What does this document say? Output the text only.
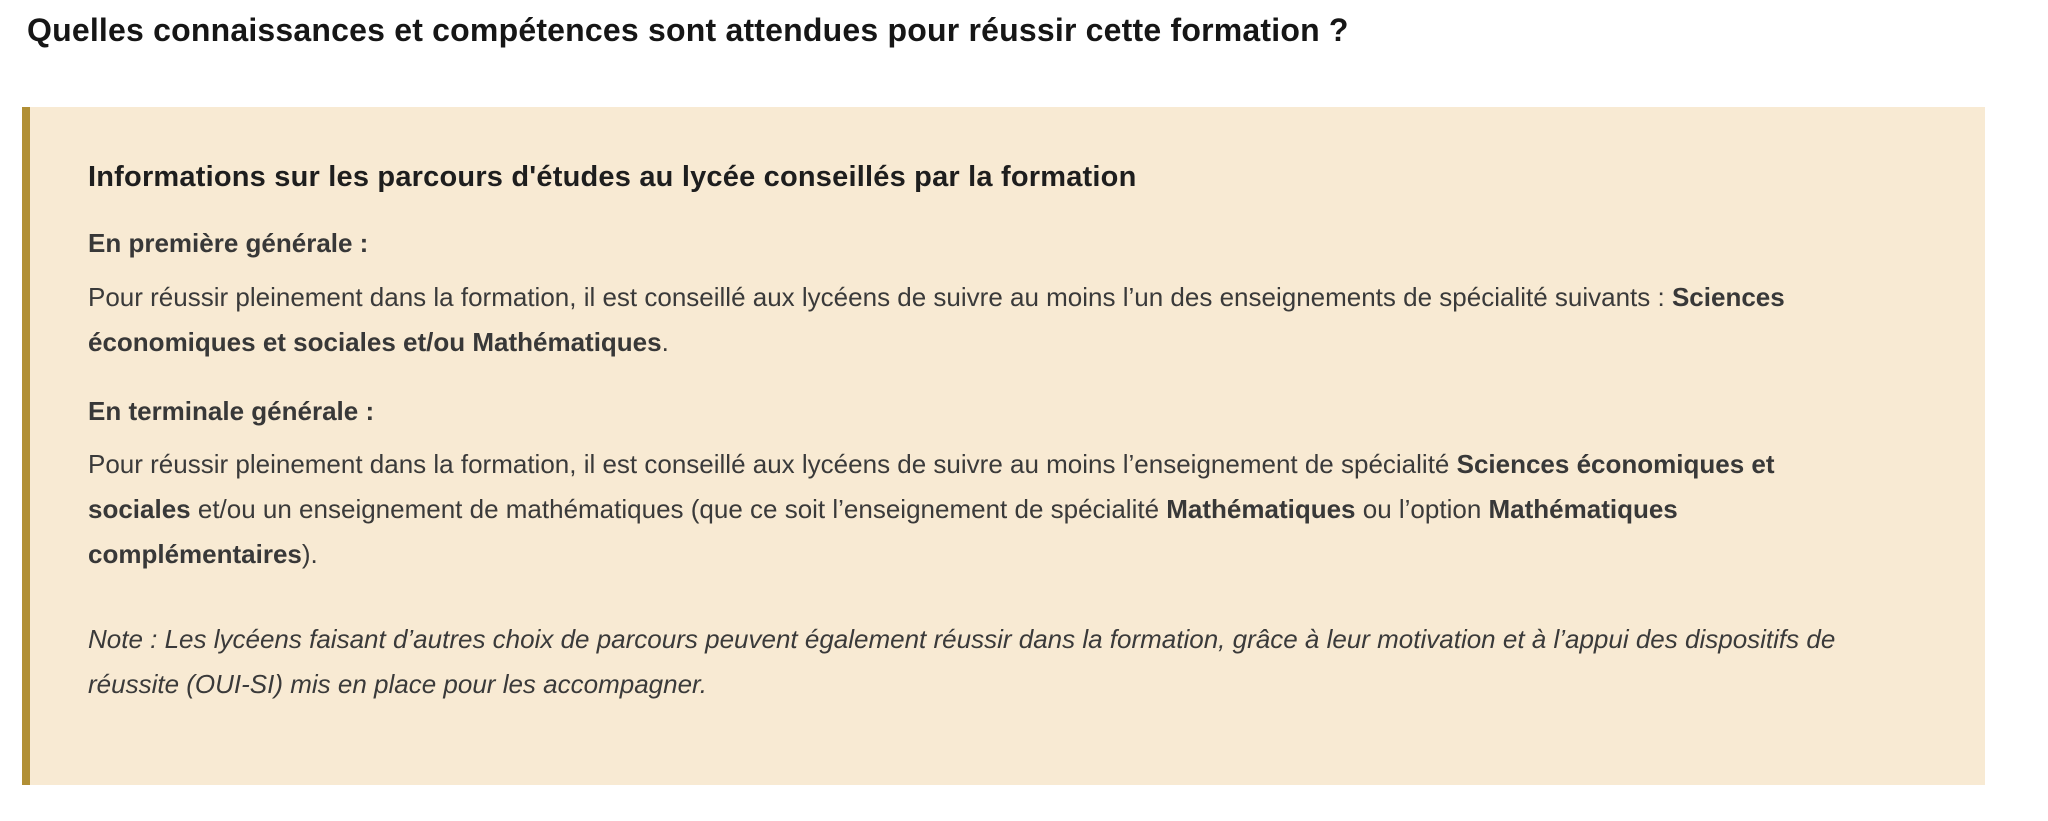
Quelles connaissances et compétences sont attendues pour réussir cette formation ?
Informations sur les parcours d'études au lycée conseillés par la formation

En première générale :

Pour réussir pleinement dans la formation, il est conseillé aux lycéens de suivre au moins l’un des enseignements de spécialité suivants : Sciences économiques et sociales et/ou Mathématiques.

En terminale générale :

Pour réussir pleinement dans la formation, il est conseillé aux lycéens de suivre au moins l’enseignement de spécialité Sciences économiques et sociales et/ou un enseignement de mathématiques (que ce soit l’enseignement de spécialité Mathématiques ou l’option Mathématiques complémentaires).

Note : Les lycéens faisant d’autres choix de parcours peuvent également réussir dans la formation, grâce à leur motivation et à l’appui des dispositifs de réussite (OUI-SI) mis en place pour les accompagner.
